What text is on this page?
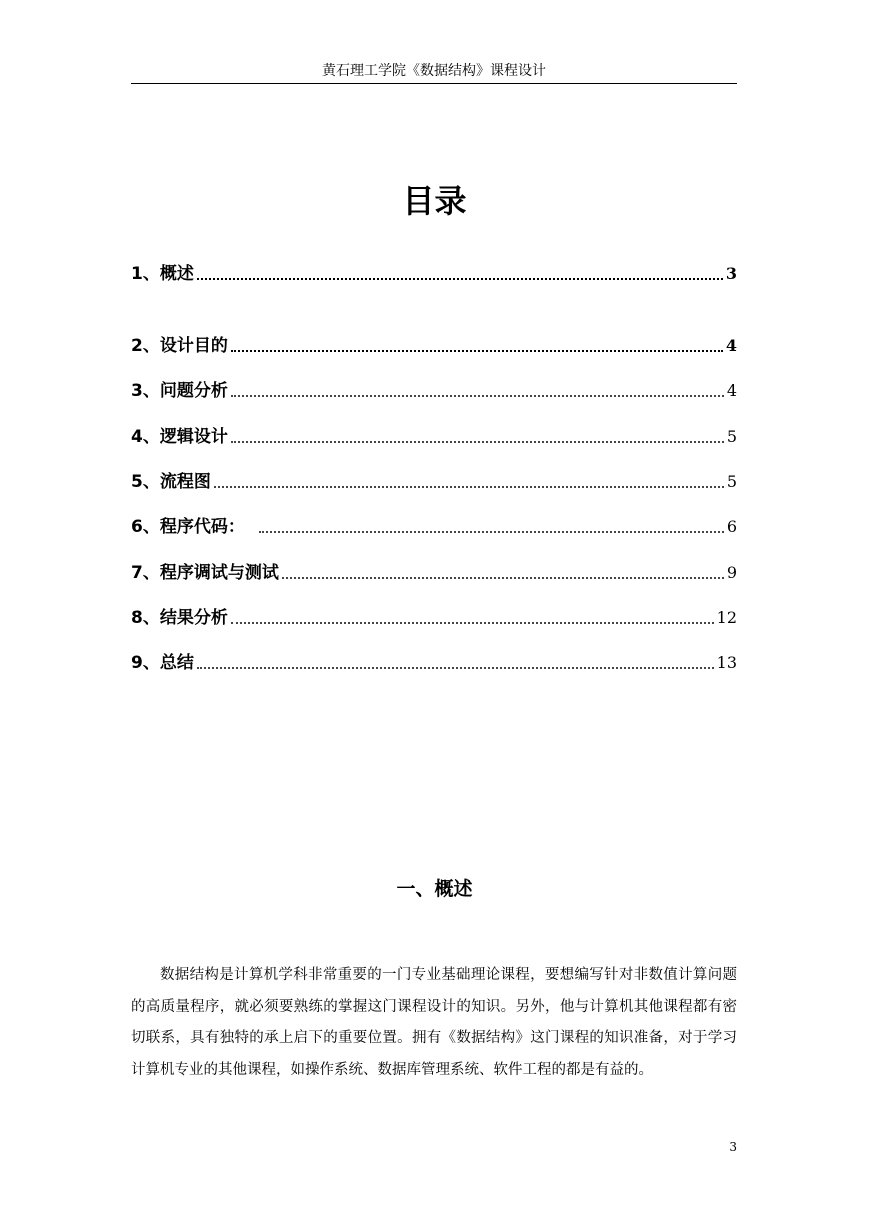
黄石理工学院《数据结构》课程设计
目录
1、概述	3
2、设计目的	4
3、问题分析	4
4、逻辑设计	5
5、流程图	5
6、程序代码：	6
7、程序调试与测试	9
8、结果分析	12
9、总结	13
一、概述

数据结构是计算机学科非常重要的一门专业基础理论课程，要想编写针对非数值计算问题的高质量程序，就必须要熟练的掌握这门课程设计的知识。另外，他与计算机其他课程都有密切联系，具有独特的承上启下的重要位置。拥有《数据结构》这门课程的知识准备，对于学习计算机专业的其他课程，如操作系统、数据库管理系统、软件工程的都是有益的。

3
